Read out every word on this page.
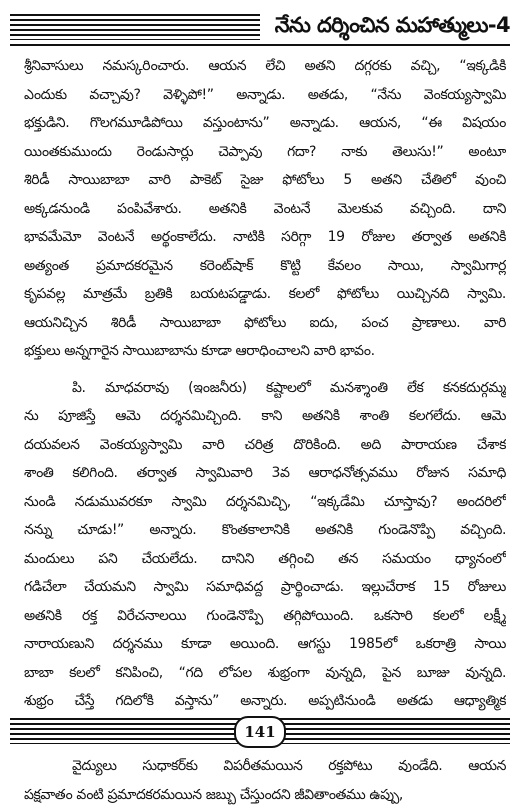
నేను దర్శించిన మహాత్ములు-4
శ్రీనివాసులు నమస్కరించారు. ఆయన లేచి అతని దగ్గరకు వచ్చి, “ఇక్కడికి
ఎందుకు వచ్చావు? వెళ్ళిపో!” అన్నాడు. అతడు, “నేను వెంకయ్యస్వామి
భక్తుడిని. గొలగమూడిపోయి వస్తుంటాను” అన్నాడు. ఆయన, “ఈ విషయం
యింతకుముందు రెండుసార్లు చెప్పావు గదా? నాకు తెలుసు!” అంటూ
శిరిడీ సాయిబాబా వారి పాకెట్ సైజు ఫోటోలు 5 అతని చేతిలో వుంచి
అక్కడనుండి పంపివేశారు. అతనికి వెంటనే మెలకువ వచ్చింది. దాని
భావమేమో వెంటనే అర్థంకాలేదు. నాటికి సరిగ్గా 19 రోజుల తర్వాత అతనికి
అత్యంత ప్రమాదకరమైన కరెంట్‌షాక్ కొట్టి కేవలం సాయి, స్వామిగార్ల
కృపవల్ల మాత్రమే బ్రతికి బయటపడ్డాడు. కలలో ఫోటోలు యిచ్చినది స్వామి.
ఆయనిచ్చిన శిరిడీ సాయిబాబా ఫోటోలు ఐదు, పంచ ప్రాణాలు. వారి
భక్తులు అన్నగారైన సాయిబాబాను కూడా ఆరాధించాలని వారి భావం.
పి. మాధవరావు (ఇంజనీరు) కష్టాలలో మనశ్శాంతి లేక కనకదుర్గమ్మ
ను పూజిస్తే ఆమె దర్శనమిచ్చింది. కాని అతనికి శాంతి కలగలేదు. ఆమె
దయవలన వెంకయ్యస్వామి వారి చరిత్ర దొరికింది. అది పారాయణ చేశాక
శాంతి కలిగింది. తర్వాత స్వామివారి 3వ ఆరాధనోత్సవము రోజున సమాధి
నుండి నడుమువరకూ స్వామి దర్శనమిచ్చి, “ఇక్కడేమి చూస్తావు? అందరిలో
నన్ను చూడు!” అన్నారు. కొంతకాలానికి అతనికి గుండెనొప్పి వచ్చింది.
మందులు పని చేయలేదు. దానిని తగ్గించి తన సమయం ధ్యానంలో
గడిచేలా చేయమని స్వామి సమాధివద్ద ప్రార్థించాడు. ఇల్లుచేరాక 15 రోజులు
అతనికి రక్త విరేచనాలయి గుండెనొప్పి తగ్గిపోయింది. ఒకసారి కలలో లక్ష్మీ
నారాయణుని దర్శనము కూడా అయింది. ఆగస్టు 1985లో ఒకరాత్రి సాయి
బాబా కలలో కనిపించి, “గది లోపల శుభ్రంగా వున్నది, పైన బూజు వున్నది.
శుభ్రం చేస్తే గదిలోకి వస్తాను” అన్నారు. అప్పటినుండి అతడు ఆధ్యాత్మిక
వైద్యులు సుధాకర్‌కు విపరీతమయిన రక్తపోటు వుండేది. ఆయన
పక్షవాతం వంటి ప్రమాదకరమయిన జబ్బు చేస్తుందని జీవితాంతము ఉప్పు,
141
